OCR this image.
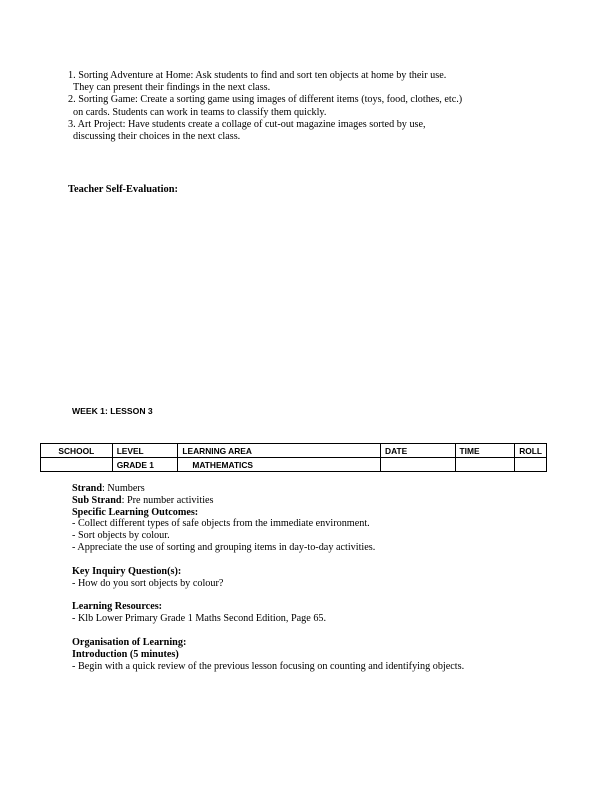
1. Sorting Adventure at Home: Ask students to find and sort ten objects at home by their use.
They can present their findings in the next class.

2. Sorting Game: Create a sorting game using images of different items (toys, food, clothes, etc.)
on cards. Students can work in teams to classify them quickly.

3. Art Project: Have students create a collage of cut-out magazine images sorted by use,
discussing their choices in the next class.

Teacher Self-Evaluation:
WEEK 1: LESSON 3
SCHOOL	LEVEL	LEARNING AREA	DATE	TIME	ROLL
	GRADE 1	MATHEMATICS			
Strand: Numbers
Sub Strand: Pre number activities
Specific Learning Outcomes:
- Collect different types of safe objects from the immediate environment.
- Sort objects by colour.
- Appreciate the use of sorting and grouping items in day-to-day activities.
Key Inquiry Question(s):
- How do you sort objects by colour?
Learning Resources:
- Klb Lower Primary Grade 1 Maths Second Edition, Page 65.
Organisation of Learning:
Introduction (5 minutes)
- Begin with a quick review of the previous lesson focusing on counting and identifying objects.
